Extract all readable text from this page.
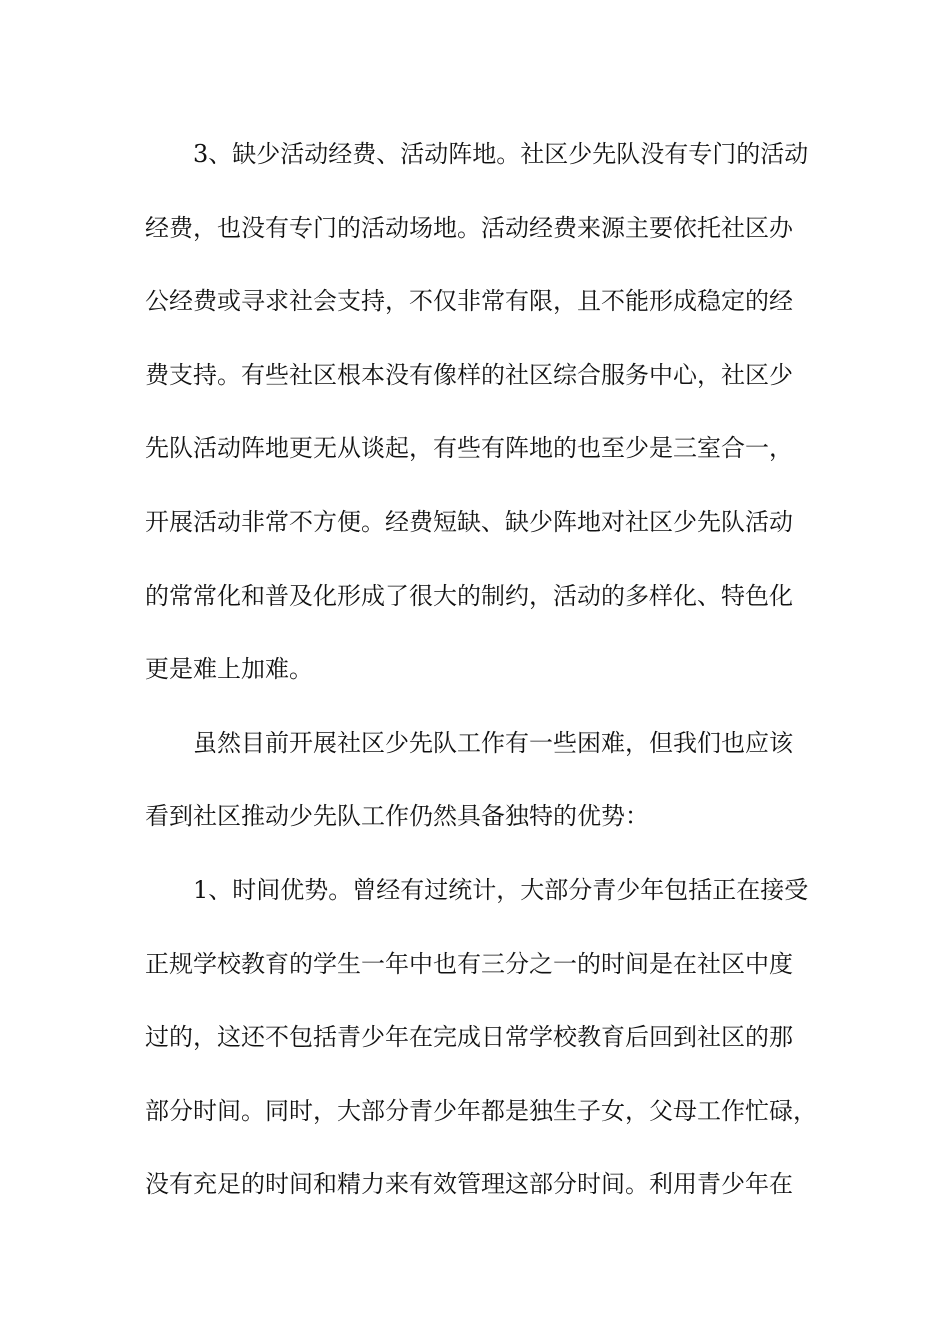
3、缺少活动经费、活动阵地。社区少先队没有专门的活动
经费，也没有专门的活动场地。活动经费来源主要依托社区办
公经费或寻求社会支持，不仅非常有限，且不能形成稳定的经
费支持。有些社区根本没有像样的社区综合服务中心，社区少
先队活动阵地更无从谈起，有些有阵地的也至少是三室合一，
开展活动非常不方便。经费短缺、缺少阵地对社区少先队活动
的常常化和普及化形成了很大的制约，活动的多样化、特色化
更是难上加难。
虽然目前开展社区少先队工作有一些困难，但我们也应该
看到社区推动少先队工作仍然具备独特的优势：
1、时间优势。曾经有过统计，大部分青少年包括正在接受
正规学校教育的学生一年中也有三分之一的时间是在社区中度
过的，这还不包括青少年在完成日常学校教育后回到社区的那
部分时间。同时，大部分青少年都是独生子女，父母工作忙碌，
没有充足的时间和精力来有效管理这部分时间。利用青少年在
